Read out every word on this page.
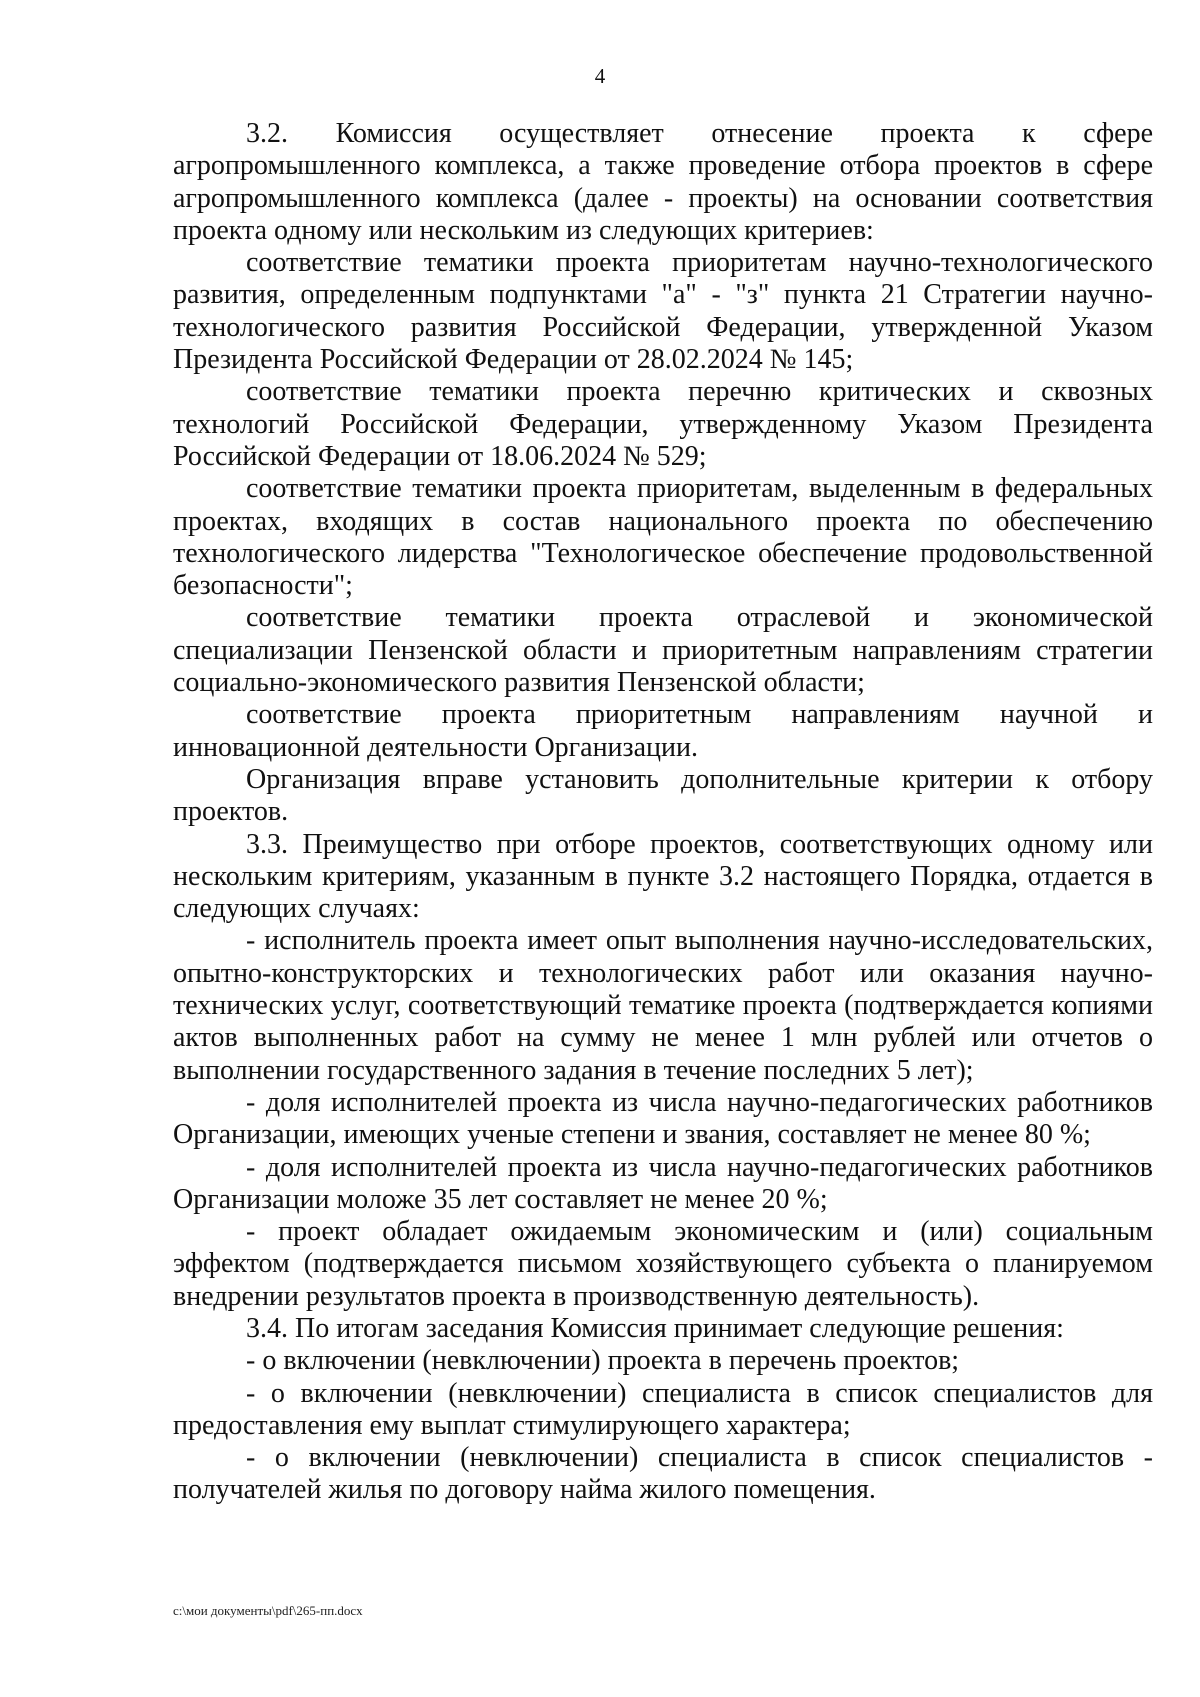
4

3.2. Комиссия осуществляет отнесение проекта к сфере агропромышленного комплекса, а также проведение отбора проектов в сфере агропромышленного комплекса (далее - проекты) на основании соответствия проекта одному или нескольким из следующих критериев:

соответствие тематики проекта приоритетам научно-технологического развития, определенным подпунктами "а" - "з" пункта 21 Стратегии научно-технологического развития Российской Федерации, утвержденной Указом Президента Российской Федерации от 28.02.2024 № 145;

соответствие тематики проекта перечню критических и сквозных технологий Российской Федерации, утвержденному Указом Президента Российской Федерации от 18.06.2024 № 529;

соответствие тематики проекта приоритетам, выделенным в федеральных проектах, входящих в состав национального проекта по обеспечению технологического лидерства "Технологическое обеспечение продовольственной безопасности";

соответствие тематики проекта отраслевой и экономической специализации Пензенской области и приоритетным направлениям стратегии социально-экономического развития Пензенской области;

соответствие проекта приоритетным направлениям научной и инновационной деятельности Организации.

Организация вправе установить дополнительные критерии к отбору проектов.

3.3. Преимущество при отборе проектов, соответствующих одному или нескольким критериям, указанным в пункте 3.2 настоящего Порядка, отдается в следующих случаях:

- исполнитель проекта имеет опыт выполнения научно-исследовательских, опытно-конструкторских и технологических работ или оказания научно-технических услуг, соответствующий тематике проекта (подтверждается копиями актов выполненных работ на сумму не менее 1 млн рублей или отчетов о выполнении государственного задания в течение последних 5 лет);

- доля исполнителей проекта из числа научно-педагогических работников Организации, имеющих ученые степени и звания, составляет не менее 80 %;

- доля исполнителей проекта из числа научно-педагогических работников Организации моложе 35 лет составляет не менее 20 %;

- проект обладает ожидаемым экономическим и (или) социальным эффектом (подтверждается письмом хозяйствующего субъекта о планируемом внедрении результатов проекта в производственную деятельность).

3.4. По итогам заседания Комиссия принимает следующие решения:

- о включении (невключении) проекта в перечень проектов;

- о включении (невключении) специалиста в список специалистов для предоставления ему выплат стимулирующего характера;

- о включении (невключении) специалиста в список специалистов - получателей жилья по договору найма жилого помещения.

c:\мои документы\pdf\265-пп.docx
